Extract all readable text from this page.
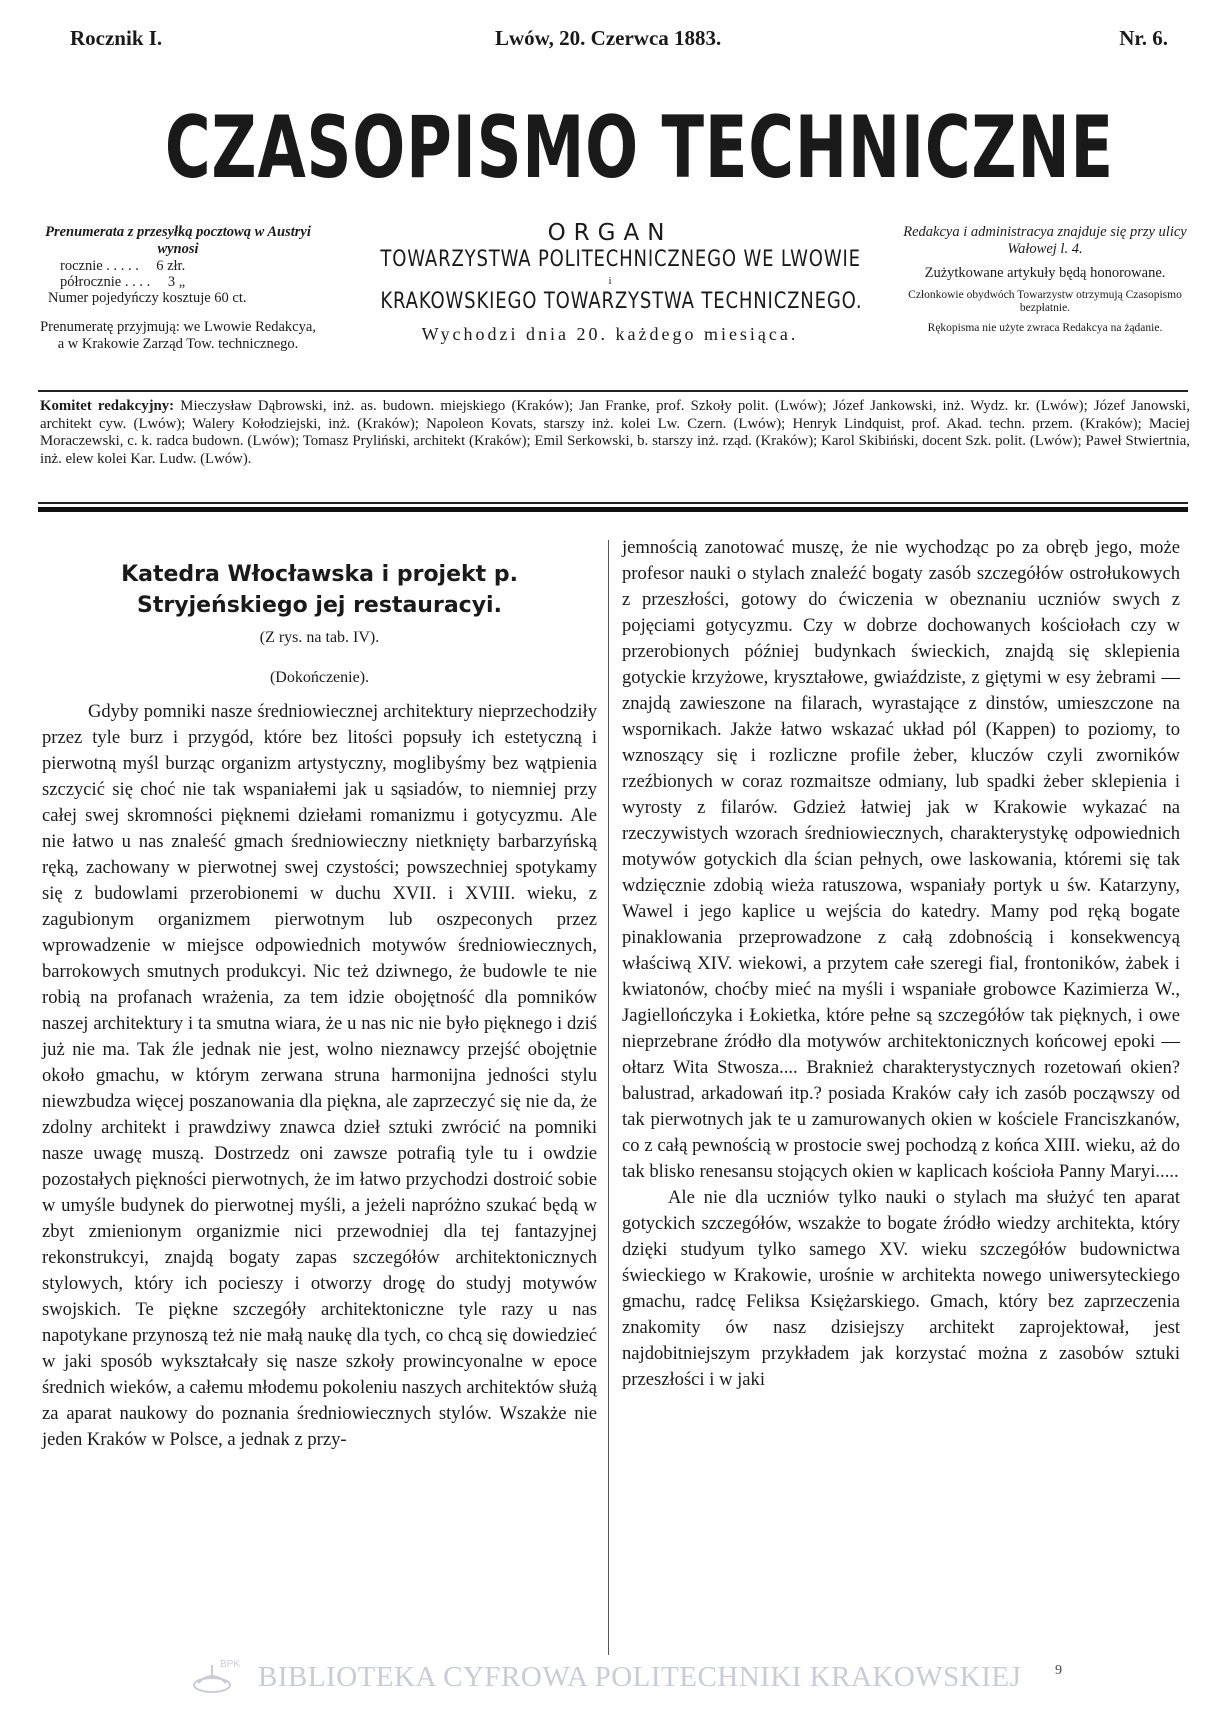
Rocznik I.	Lwów, 20. Czerwca 1883.	Nr. 6.
CZASOPISMO TECHNICZNE
Prenumerata z przesyłką pocztową w Austryi wynosi
rocznie . . . . .	6 złr.
półrocznie . . . .	3 „
Numer pojedyńczy kosztuje 60 ct.
Prenumeratę przyjmują: we Lwowie Redakcya, a w Krakowie Zarząd Tow. technicznego.
ORGAN
TOWARZYSTWA POLITECHNICZNEGO WE LWOWIE
i
KRAKOWSKIEGO TOWARZYSTWA TECHNICZNEGO.
Wychodzi dnia 20. każdego miesiąca.

Redakcya i administracya znajduje się przy ulicy Wałowej l. 4.

Zużytkowane artykuły będą honorowane.

Członkowie obydwóch Towarzystw otrzymują Czasopismo bezpłatnie.

Rękopisma nie użyte zwraca Redakcya na żądanie.

Komitet redakcyjny: Mieczysław Dąbrowski, inż. as. budown. miejskiego (Kraków); Jan Franke, prof. Szkoły polit. (Lwów); Józef Jankowski, inż. Wydz. kr. (Lwów); Józef Janowski, architekt cyw. (Lwów); Walery Kołodziejski, inż. (Kraków); Napoleon Kovats, starszy inż. kolei Lw. Czern. (Lwów); Henryk Lindquist, prof. Akad. techn. przem. (Kraków); Maciej Moraczewski, c. k. radca budown. (Lwów); Tomasz Pryliński, architekt (Kraków); Emil Serkowski, b. starszy inż. rząd. (Kraków); Karol Skibiński, docent Szk. polit. (Lwów); Paweł Stwiertnia, inż. elew kolei Kar. Ludw. (Lwów).
Katedra Włocławska i projekt p. Stryjeńskiego jej restauracyi.
(Z rys. na tab. IV).
(Dokończenie).

Gdyby pomniki nasze średniowiecznej architektury nieprzechodziły przez tyle burz i przygód, które bez litości popsuły ich estetyczną i pierwotną myśl burząc organizm artystyczny, moglibyśmy bez wątpienia szczycić się choć nie tak wspaniałemi jak u sąsiadów, to niemniej przy całej swej skromności pięknemi dziełami romanizmu i gotycyzmu. Ale nie łatwo u nas znaleść gmach średniowieczny nietknięty barbarzyńską ręką, zachowany w pierwotnej swej czystości; powszechniej spotykamy się z budowlami przerobionemi w duchu XVII. i XVIII. wieku, z zagubionym organizmem pierwotnym lub oszpeconych przez wprowadzenie w miejsce odpowiednich motywów średniowiecznych, barrokowych smutnych produkcyi. Nic też dziwnego, że budowle te nie robią na profanach wrażenia, za tem idzie obojętność dla pomników naszej architektury i ta smutna wiara, że u nas nic nie było pięknego i dziś już nie ma. Tak źle jednak nie jest, wolno nieznawcy przejść obojętnie około gmachu, w którym zerwana struna harmonijna jedności stylu niewzbudza więcej poszanowania dla piękna, ale zaprzeczyć się nie da, że zdolny architekt i prawdziwy znawca dzieł sztuki zwrócić na pomniki nasze uwagę muszą. Dostrzedz oni zawsze potrafią tyle tu i owdzie pozostałych piękności pierwotnych, że im łatwo przychodzi dostroić sobie w umyśle budynek do pierwotnej myśli, a jeżeli napróżno szukać będą w zbyt zmienionym organizmie nici przewodniej dla tej fantazyjnej rekonstrukcyi, znajdą bogaty zapas szczegółów architektonicznych stylowych, który ich pocieszy i otworzy drogę do studyj motywów swojskich. Te piękne szczegóły architektoniczne tyle razy u nas napotykane przynoszą też nie małą naukę dla tych, co chcą się dowiedzieć w jaki sposób wykształcały się nasze szkoły prowincyonalne w epoce średnich wieków, a całemu młodemu pokoleniu naszych architektów służą za aparat naukowy do poznania średniowiecznych stylów. Wszakże nie jeden Kraków w Polsce, a jednak z przy-

jemnością zanotować muszę, że nie wychodząc po za obręb jego, może profesor nauki o stylach znaleźć bogaty zasób szczegółów ostrołukowych z przeszłości, gotowy do ćwiczenia w obeznaniu uczniów swych z pojęciami gotycyzmu. Czy w dobrze dochowanych kościołach czy w przerobionych później budynkach świeckich, znajdą się sklepienia gotyckie krzyżowe, kryształowe, gwiaździste, z giętymi w esy żebrami — znajdą zawieszone na filarach, wyrastające z dinstów, umieszczone na wspornikach. Jakże łatwo wskazać układ pól (Kappen) to poziomy, to wznoszący się i rozliczne profile żeber, kluczów czyli zworników rzeźbionych w coraz rozmaitsze odmiany, lub spadki żeber sklepienia i wyrosty z filarów. Gdzież łatwiej jak w Krakowie wykazać na rzeczywistych wzorach średniowiecznych, charakterystykę odpowiednich motywów gotyckich dla ścian pełnych, owe laskowania, któremi się tak wdzięcznie zdobią wieża ratuszowa, wspaniały portyk u św. Katarzyny, Wawel i jego kaplice u wejścia do katedry. Mamy pod ręką bogate pinaklowania przeprowadzone z całą zdobnością i konsekwencyą właściwą XIV. wiekowi, a przytem całe szeregi fial, frontoników, żabek i kwiatonów, choćby mieć na myśli i wspaniałe grobowce Kazimierza W., Jagiellończyka i Łokietka, które pełne są szczegółów tak pięknych, i owe nieprzebrane źródło dla motywów architektonicznych końcowej epoki — ołtarz Wita Stwosza.... Braknież charakterystycznych rozetowań okien? balustrad, arkadowań itp.? posiada Kraków cały ich zasób począwszy od tak pierwotnych jak te u zamurowanych okien w kościele Franciszkanów, co z całą pewnością w prostocie swej pochodzą z końca XIII. wieku, aż do tak blisko renesansu stojących okien w kaplicach kościoła Panny Maryi.....

Ale nie dla uczniów tylko nauki o stylach ma służyć ten aparat gotyckich szczegółów, wszakże to bogate źródło wiedzy architekta, który dzięki studyum tylko samego XV. wieku szczegółów budownictwa świeckiego w Krakowie, urośnie w architekta nowego uniwersyteckiego gmachu, radcę Feliksa Księżarskiego. Gmach, który bez zaprzeczenia znakomity ów nasz dzisiejszy architekt zaprojektował, jest najdobitniejszym przykładem jak korzystać można z zasobów sztuki przeszłości i w jaki

BPK BIBLIOTEKA CYFROWA POLITECHNIKI KRAKOWSKIEJ 9
